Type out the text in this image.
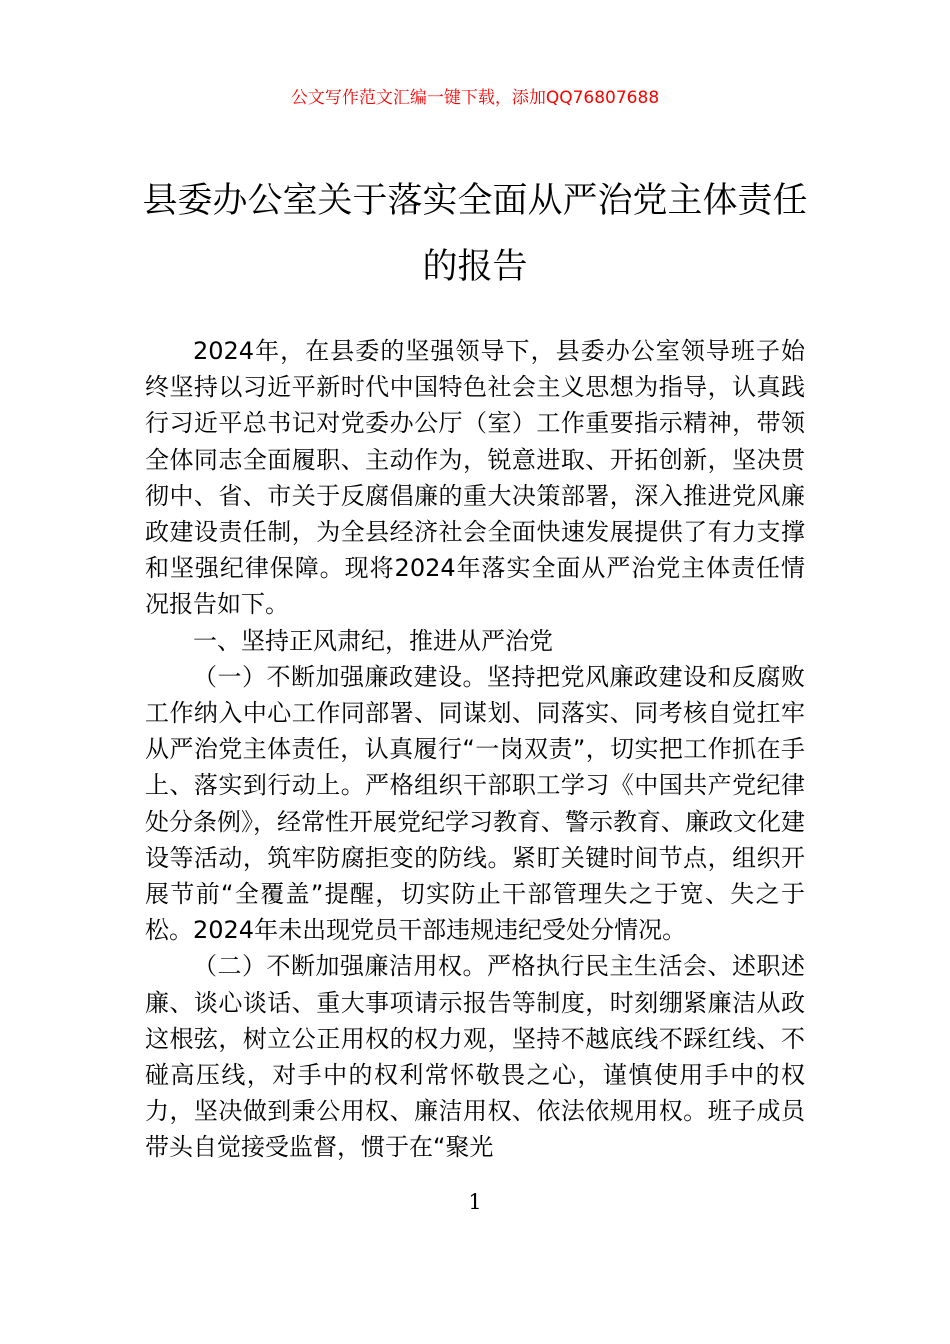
公文写作范文汇编一键下载，添加QQ76807688
县委办公室关于落实全面从严治党主体责任的报告

2024年，在县委的坚强领导下，县委办公室领导班子始终坚持以习近平新时代中国特色社会主义思想为指导，认真践行习近平总书记对党委办公厅（室）工作重要指示精神，带领全体同志全面履职、主动作为，锐意进取、开拓创新，坚决贯彻中、省、市关于反腐倡廉的重大决策部署，深入推进党风廉政建设责任制，为全县经济社会全面快速发展提供了有力支撑和坚强纪律保障。现将2024年落实全面从严治党主体责任情况报告如下。

一、坚持正风肃纪，推进从严治党

（一）不断加强廉政建设。坚持把党风廉政建设和反腐败工作纳入中心工作同部署、同谋划、同落实、同考核自觉扛牢从严治党主体责任，认真履行“一岗双责”，切实把工作抓在手上、落实到行动上。严格组织干部职工学习《中国共产党纪律处分条例》，经常性开展党纪学习教育、警示教育、廉政文化建设等活动，筑牢防腐拒变的防线。紧盯关键时间节点，组织开展节前“全覆盖”提醒，切实防止干部管理失之于宽、失之于松。2024年未出现党员干部违规违纪受处分情况。

（二）不断加强廉洁用权。严格执行民主生活会、述职述廉、谈心谈话、重大事项请示报告等制度，时刻绷紧廉洁从政这根弦，树立公正用权的权力观，坚持不越底线不踩红线、不碰高压线，对手中的权利常怀敬畏之心，谨慎使用手中的权力，坚决做到秉公用权、廉洁用权、依法依规用权。班子成员带头自觉接受监督，惯于在“聚光

1
